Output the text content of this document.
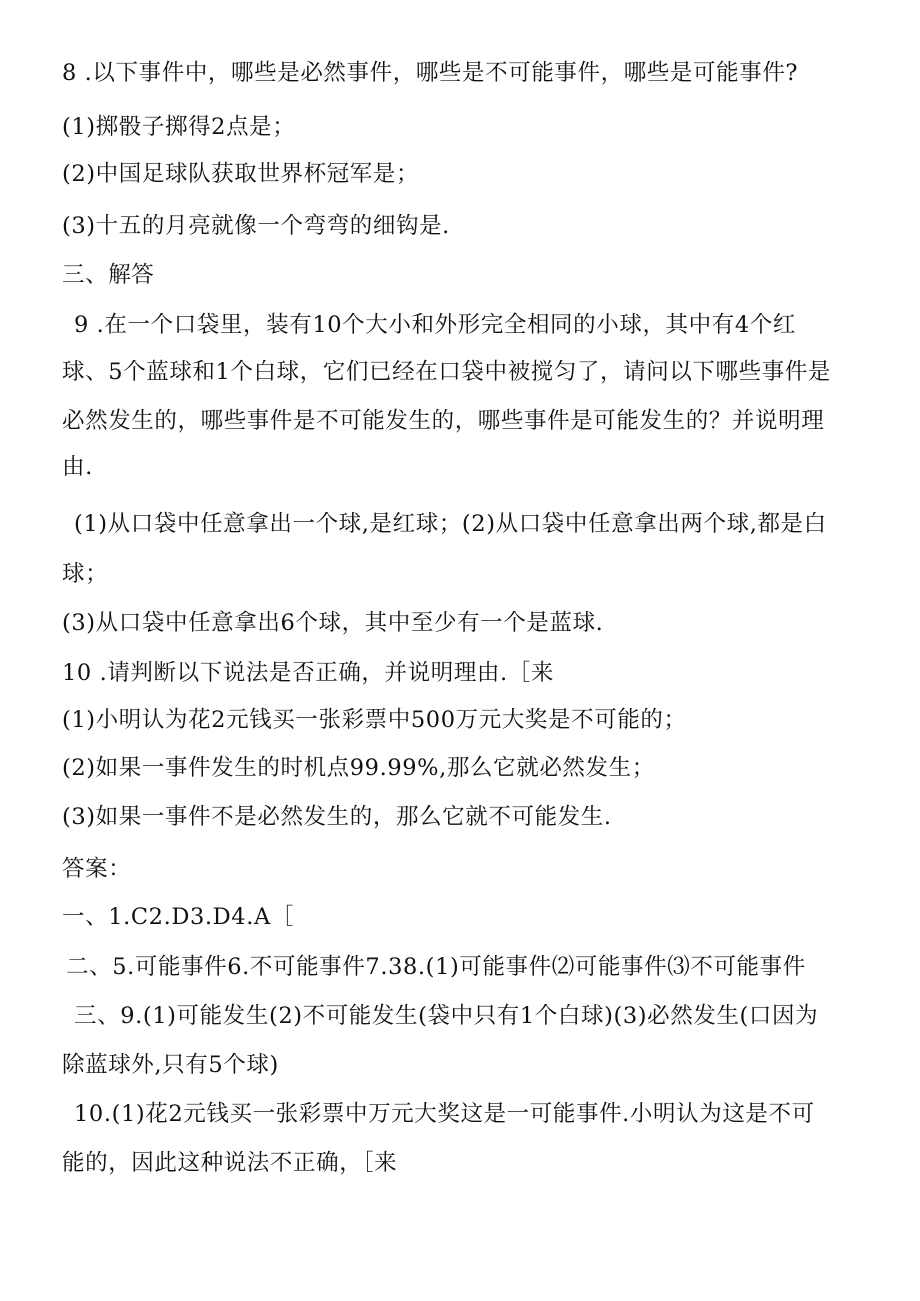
8 .以下事件中，哪些是必然事件，哪些是不可能事件，哪些是可能事件?
(1)掷骰子掷得2点是；
(2)中国足球队获取世界杯冠军是；
(3)十五的月亮就像一个弯弯的细钩是.
三、解答
9 .在一个口袋里，装有10个大小和外形完全相同的小球，其中有4个红
球、5个蓝球和1个白球，它们已经在口袋中被搅匀了，请问以下哪些事件是
必然发生的，哪些事件是不可能发生的，哪些事件是可能发生的？并说明理
由.
(1)从口袋中任意拿出一个球,是红球；(2)从口袋中任意拿出两个球,都是白
球；
(3)从口袋中任意拿出6个球，其中至少有一个是蓝球.
10 .请判断以下说法是否正确，并说明理由.［来
(1)小明认为花2元钱买一张彩票中500万元大奖是不可能的；
(2)如果一事件发生的时机点99.99%,那么它就必然发生；
(3)如果一事件不是必然发生的，那么它就不可能发生.
答案：
一、1.C2.D3.D4.A［
二、5.可能事件6.不可能事件7.38.(1)可能事件⑵可能事件⑶不可能事件
三、9.(1)可能发生(2)不可能发生(袋中只有1个白球)(3)必然发生(口因为
除蓝球外,只有5个球)
10.(1)花2元钱买一张彩票中万元大奖这是一可能事件.小明认为这是不可
能的，因此这种说法不正确，［来
